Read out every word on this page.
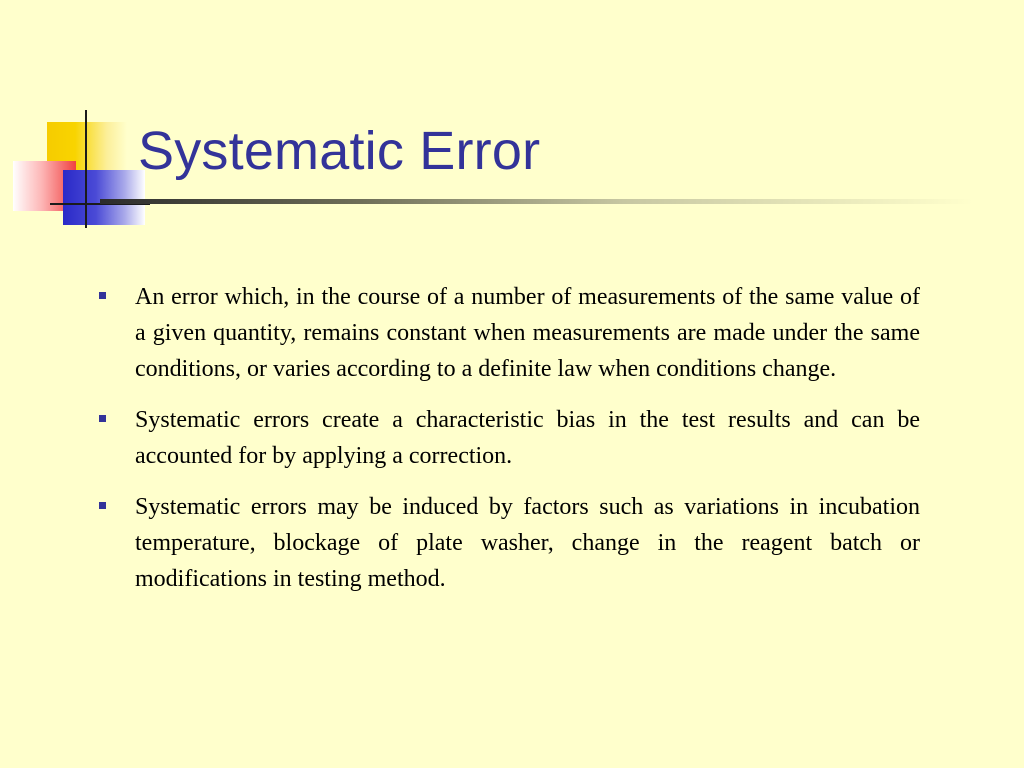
Systematic Error
An error which, in the course of a number of measurements of the same value of a given quantity, remains constant when measurements are made under the same conditions, or varies according to a definite law when conditions change.
Systematic errors create a characteristic bias in the test results and can be accounted for by applying a correction.
Systematic errors may be induced by factors such as variations in incubation temperature, blockage of plate washer, change in the reagent batch or modifications in testing method.
